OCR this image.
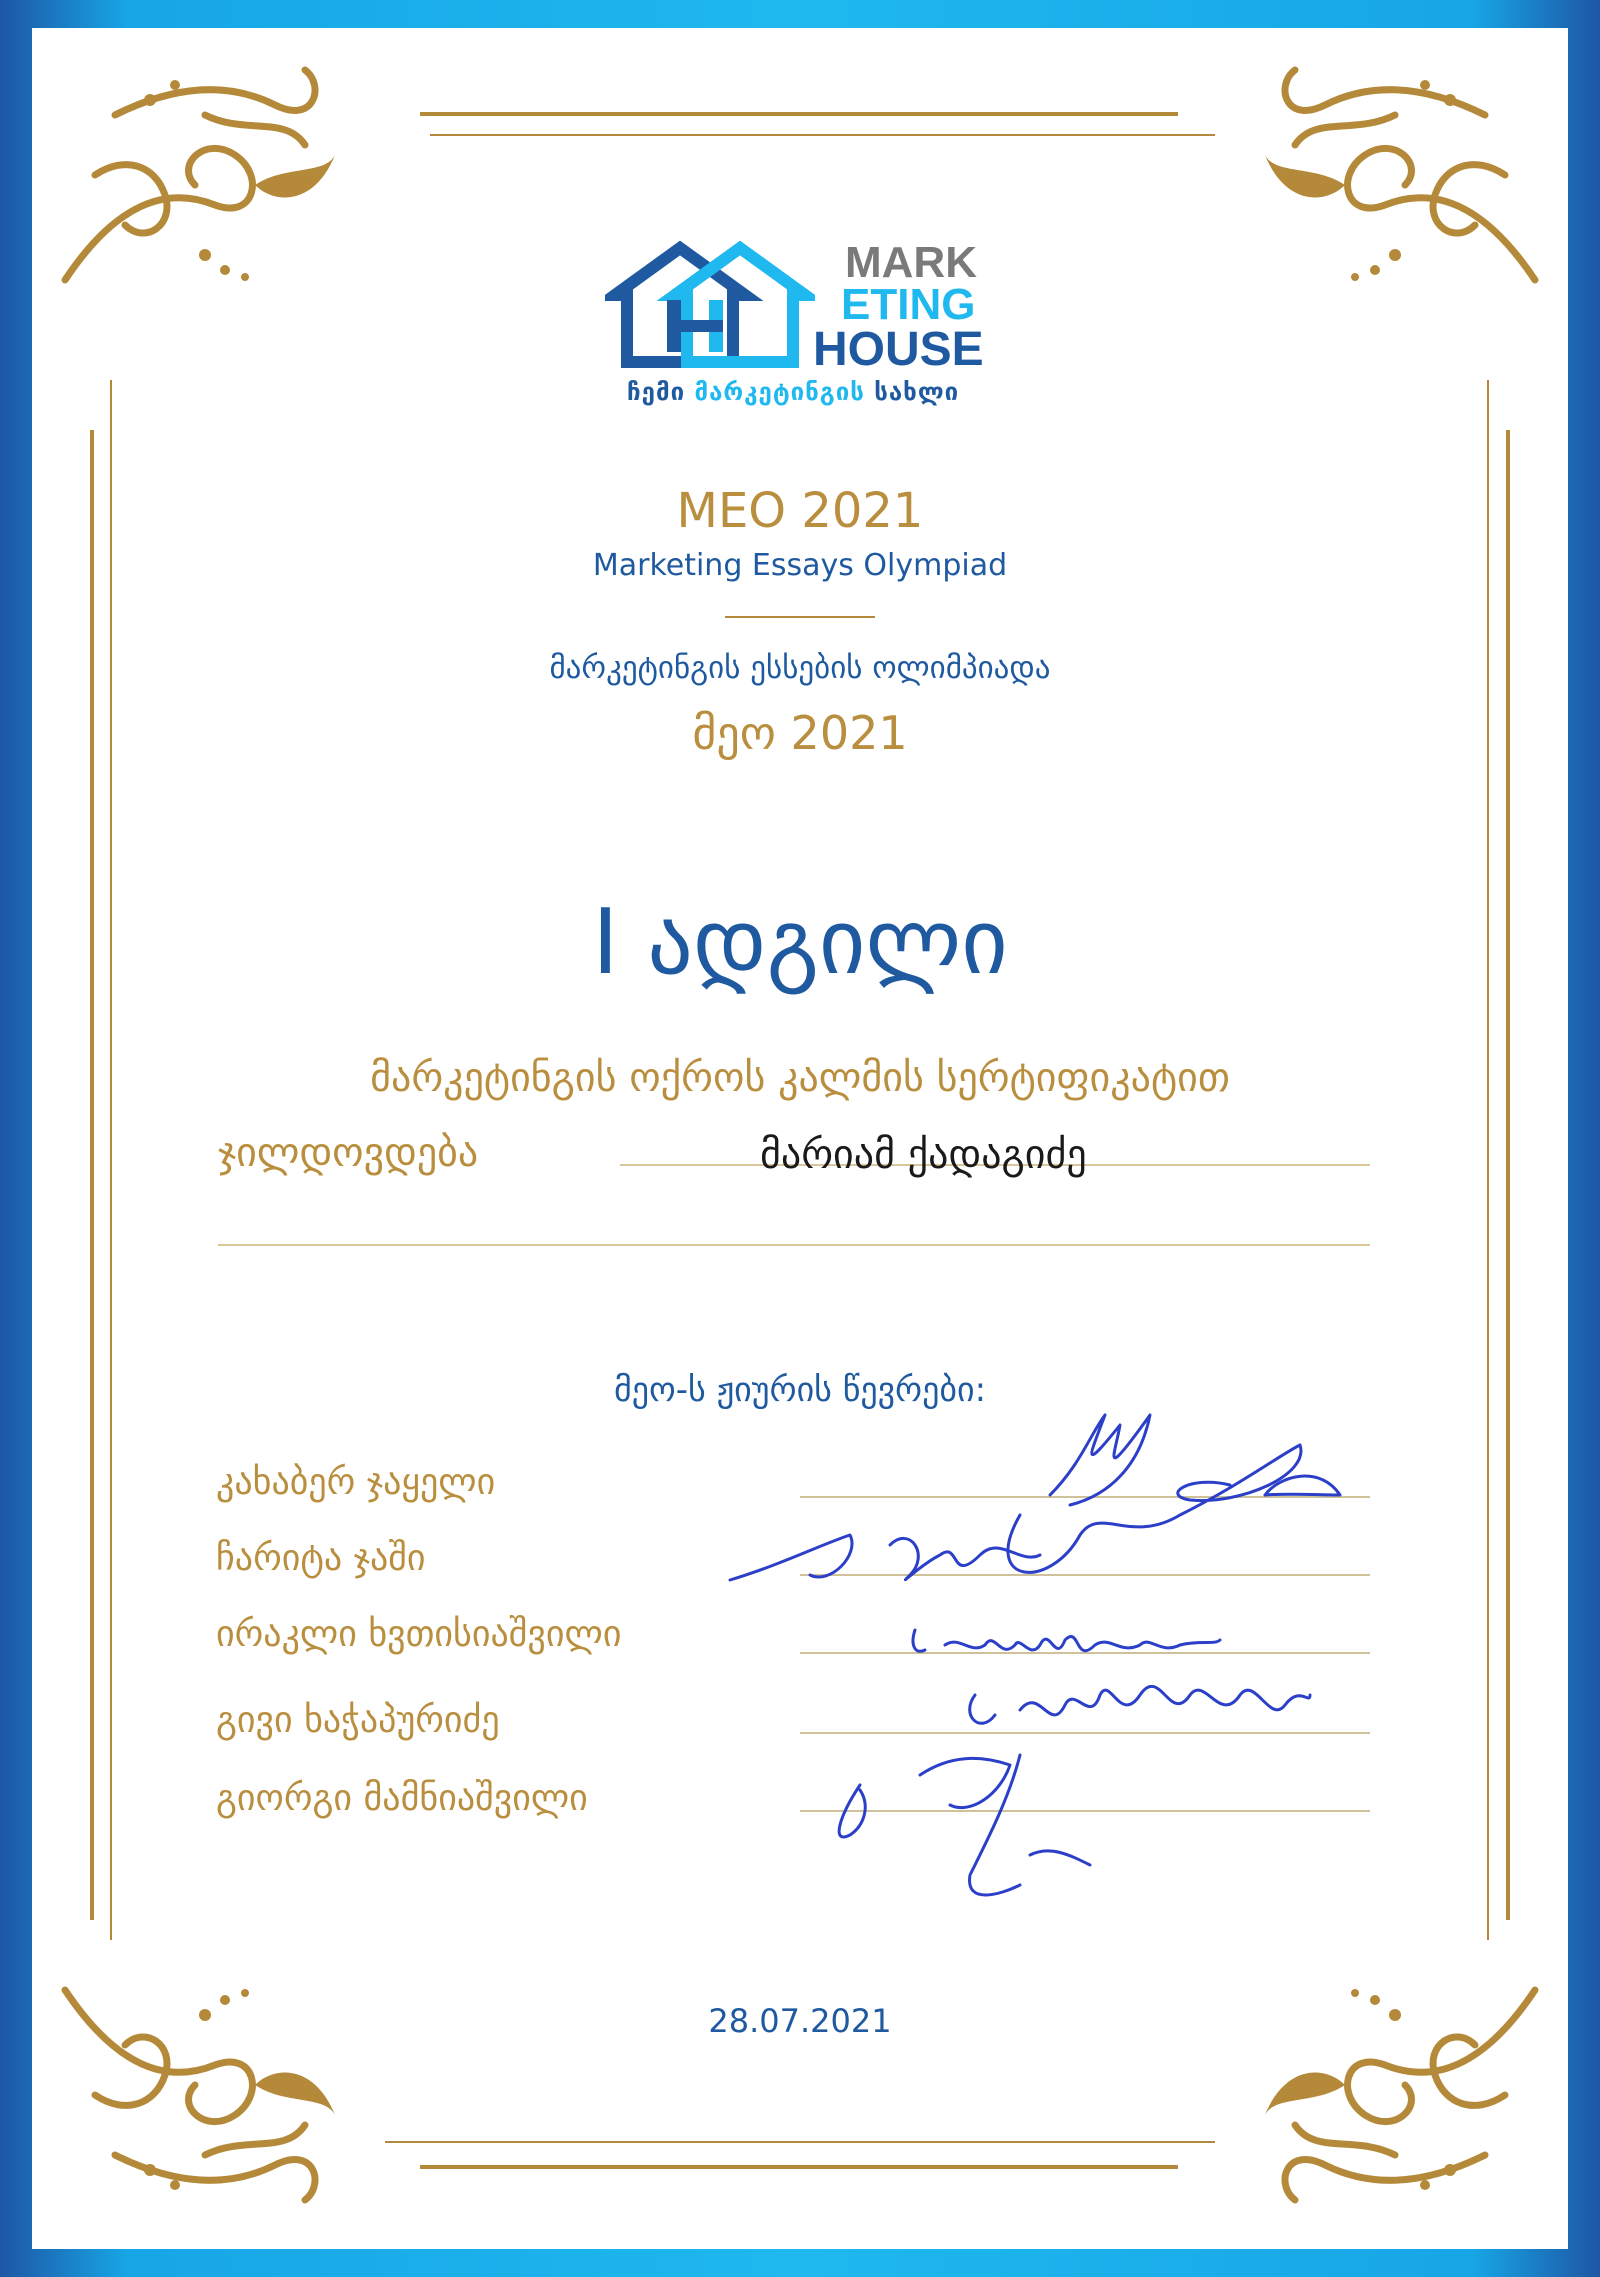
MARK
ETING
HOUSE
ჩემი მარკეტინგის სახლი
MEO 2021
Marketing Essays Olympiad
მარკეტინგის ესსების ოლიმპიადა
მეო 2021
I ადგილი
მარკეტინგის ოქროს კალმის სერტიფიკატით
ჯილდოვდება	მარიამ ქადაგიძე
მეო-ს ჟიურის წევრები:
კახაბერ ჯაყელი
ჩარიტა ჯაში
ირაკლი ხვთისიაშვილი
გივი ხაჭაპურიძე
გიორგი მამნიაშვილი
28.07.2021
